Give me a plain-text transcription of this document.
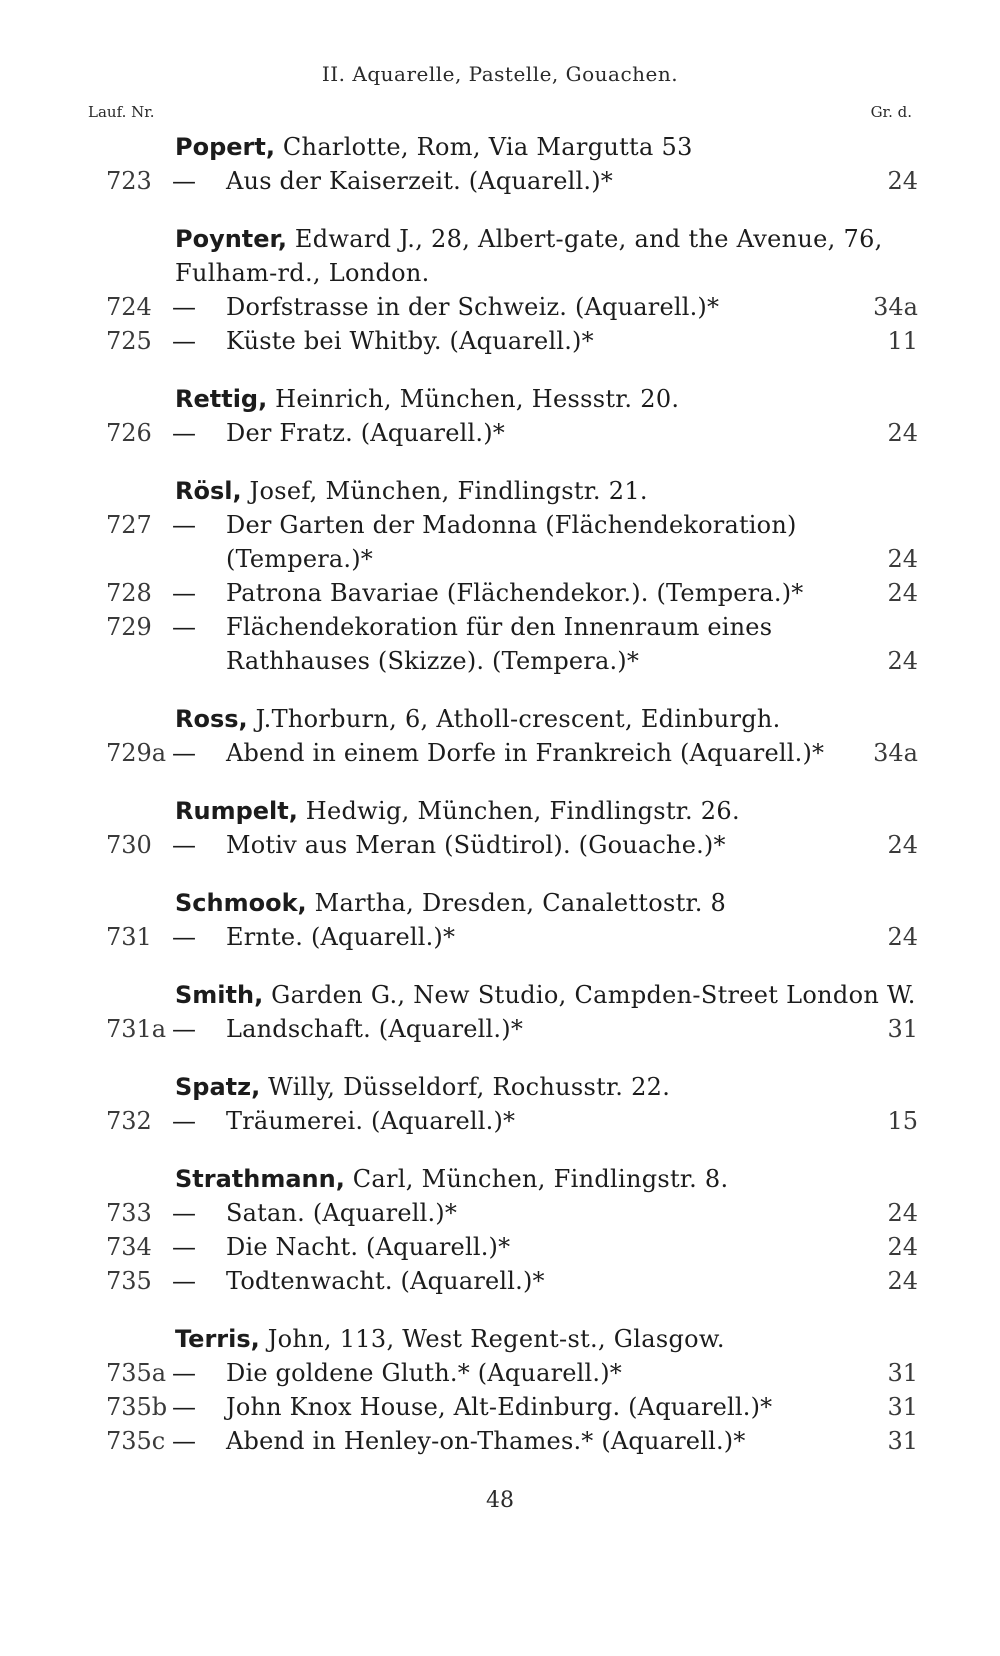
II. Aquarelle, Pastelle, Gouachen.
Lauf. Nr.	Gr. d.
Popert, Charlotte, Rom, Via Margutta 53
723 — Aus der Kaiserzeit. (Aquarell.)*	24
Poynter, Edward J., 28, Albert-gate, and the Avenue, 76, Fulham-rd., London.
724 — Dorfstrasse in der Schweiz. (Aquarell.)*	34a
725 — Küste bei Whitby. (Aquarell.)*	11
Rettig, Heinrich, München, Hessstr. 20.
726 — Der Fratz. (Aquarell.)*	24
Rösl, Josef, München, Findlingstr. 21.
727 — Der Garten der Madonna (Flächendekoration)
(Tempera.)*	24
728 — Patrona Bavariae (Flächendekor.). (Tempera.)*	24
729 — Flächendekoration für den Innenraum eines
Rathhauses (Skizze). (Tempera.)*	24
Ross, J.Thorburn, 6, Atholl-crescent, Edinburgh.
729a — Abend in einem Dorfe in Frankreich (Aquarell.)*	34a
Rumpelt, Hedwig, München, Findlingstr. 26.
730 — Motiv aus Meran (Südtirol). (Gouache.)*	24
Schmook, Martha, Dresden, Canalettostr. 8
731 — Ernte. (Aquarell.)*	24
Smith, Garden G., New Studio, Campden-Street London W.
731a — Landschaft. (Aquarell.)*	31
Spatz, Willy, Düsseldorf, Rochusstr. 22.
732 — Träumerei. (Aquarell.)*	15
Strathmann, Carl, München, Findlingstr. 8.
733 — Satan. (Aquarell.)*	24
734 — Die Nacht. (Aquarell.)*	24
735 — Todtenwacht. (Aquarell.)*	24
Terris, John, 113, West Regent-st., Glasgow.
735a — Die goldene Gluth.* (Aquarell.)*	31
735b — John Knox House, Alt-Edinburg. (Aquarell.)*	31
735c — Abend in Henley-on-Thames.* (Aquarell.)*	31
48
